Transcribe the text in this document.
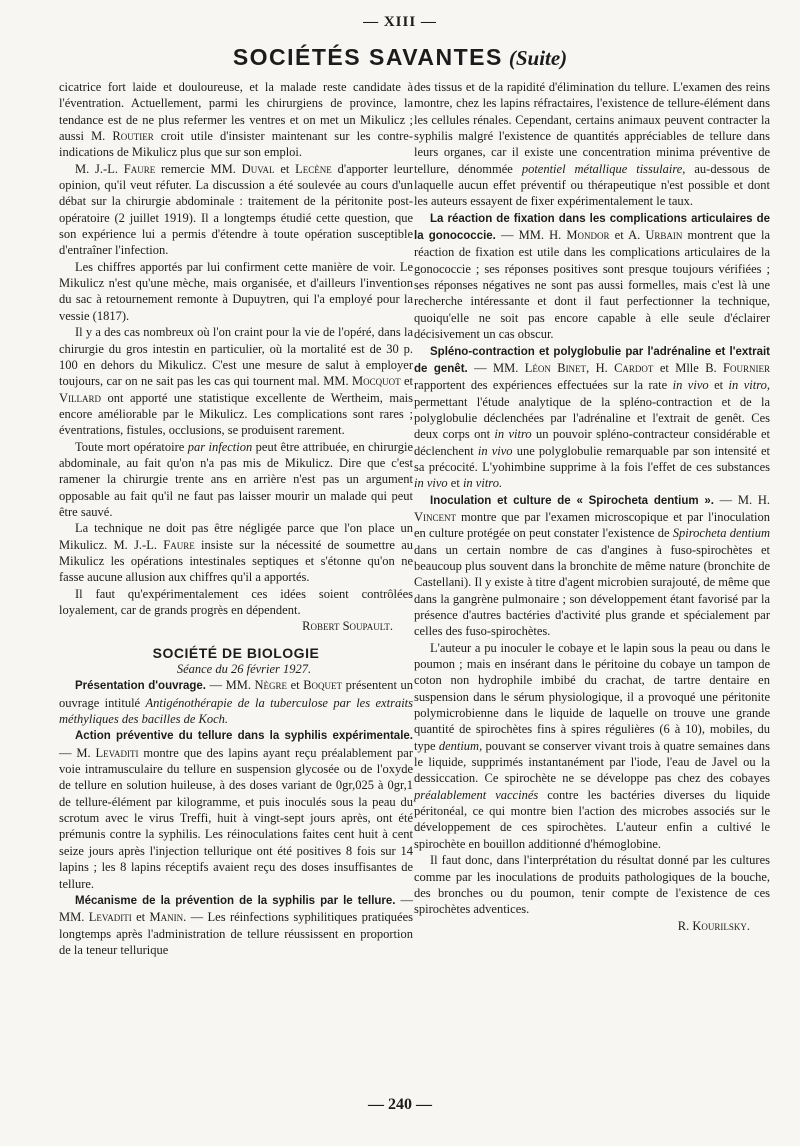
— XIII —
SOCIÉTÉS SAVANTES (Suite)

cicatrice fort laide et douloureuse, et la malade reste candidate à l'éventration. Actuellement, parmi les chirurgiens de province, la tendance est de ne plus refermer les ventres et on met un Mikulicz ; aussi M. Routier croit utile d'insister maintenant sur les contre-indications de Mikulicz plus que sur son emploi.

M. J.-L. Faure remercie MM. Duval et Lecène d'apporter leur opinion, qu'il veut réfuter. La discussion a été soulevée au cours d'un débat sur la chirurgie abdominale : traitement de la péritonite post-opératoire (2 juillet 1919). Il a longtemps étudié cette question, que son expérience lui a permis d'étendre à toute opération susceptible d'entraîner l'infection.

Les chiffres apportés par lui confirment cette manière de voir. Le Mikulicz n'est qu'une mèche, mais organisée, et d'ailleurs l'invention du sac à retournement remonte à Dupuytren, qui l'a employé pour la vessie (1817).

Il y a des cas nombreux où l'on craint pour la vie de l'opéré, dans la chirurgie du gros intestin en particulier, où la mortalité est de 30 p. 100 en dehors du Mikulicz. C'est une mesure de salut à employer toujours, car on ne sait pas les cas qui tournent mal. MM. Mocquot et Villard ont apporté une statistique excellente de Wertheim, mais encore améliorable par le Mikulicz. Les complications sont rares ; éventrations, fistules, occlusions, se produisent rarement.

Toute mort opératoire par infection peut être attribuée, en chirurgie abdominale, au fait qu'on n'a pas mis de Mikulicz. Dire que c'est ramener la chirurgie trente ans en arrière n'est pas un argument opposable au fait qu'il ne faut pas laisser mourir un malade qui peut être sauvé.

La technique ne doit pas être négligée parce que l'on place un Mikulicz. M. J.-L. Faure insiste sur la nécessité de soumettre au Mikulicz les opérations intestinales septiques et s'étonne qu'on ne fasse aucune allusion aux chiffres qu'il a apportés.

Il faut qu'expérimentalement ces idées soient contrôlées loyalement, car de grands progrès en dépendent.

Robert Soupault.

SOCIÉTÉ DE BIOLOGIE

Séance du 26 février 1927.

Présentation d'ouvrage. — MM. Nègre et Boquet présentent un ouvrage intitulé Antigénothérapie de la tuberculose par les extraits méthyliques des bacilles de Koch.

Action préventive du tellure dans la syphilis expérimentale. — M. Levaditi montre que des lapins ayant reçu préalablement par voie intramusculaire du tellure en suspension glycosée ou de l'oxyde de tellure en solution huileuse, à des doses variant de 0gr,025 à 0gr,1 de tellure-élément par kilogramme, et puis inoculés sous la peau du scrotum avec le virus Treffi, huit à vingt-sept jours après, ont été prémunis contre la syphilis. Les réinoculations faites cent huit à cent seize jours après l'injection tellurique ont été positives 8 fois sur 14 lapins ; les 8 lapins réceptifs avaient reçu des doses insuffisantes de tellure.

Mécanisme de la prévention de la syphilis par le tellure. — MM. Levaditi et Manin. — Les réinfections syphilitiques pratiquées longtemps après l'administration de tellure réussissent en proportion de la teneur tellurique

des tissus et de la rapidité d'élimination du tellure. L'examen des reins montre, chez les lapins réfractaires, l'existence de tellure-élément dans les cellules rénales. Cependant, certains animaux peuvent contracter la syphilis malgré l'existence de quantités appréciables de tellure dans leurs organes, car il existe une concentration minima préventive de tellure, dénommée potentiel métallique tissulaire, au-dessous de laquelle aucun effet préventif ou thérapeutique n'est possible et dont les auteurs essayent de fixer expérimentalement le taux.

La réaction de fixation dans les complications articulaires de la gonococcie. — MM. H. Mondor et A. Urbain montrent que la réaction de fixation est utile dans les complications articulaires de la gonococcie ; ses réponses positives sont presque toujours vérifiées ; ses réponses négatives ne sont pas aussi formelles, mais c'est là une recherche intéressante et dont il faut perfectionner la technique, quoiqu'elle ne soit pas encore capable à elle seule d'éclairer décisivement un cas obscur.

Spléno-contraction et polyglobulie par l'adrénaline et l'extrait de genêt. — MM. Léon Binet, H. Cardot et Mlle B. Fournier rapportent des expériences effectuées sur la rate in vivo et in vitro, permettant l'étude analytique de la spléno-contraction et de la polyglobulie déclenchées par l'adrénaline et l'extrait de genêt. Ces deux corps ont in vitro un pouvoir spléno-contracteur considérable et déclenchent in vivo une polyglobulie remarquable par son intensité et sa précocité. L'yohimbine supprime à la fois l'effet de ces substances in vivo et in vitro.

Inoculation et culture de « Spirocheta dentium ». — M. H. Vincent montre que par l'examen microscopique et par l'inoculation en culture protégée on peut constater l'existence de Spirocheta dentium dans un certain nombre de cas d'angines à fuso-spirochètes et beaucoup plus souvent dans la bronchite de même nature (bronchite de Castellani). Il y existe à titre d'agent microbien surajouté, de même que dans la gangrène pulmonaire ; son développement étant favorisé par la présence d'autres bactéries d'activité plus grande et spécialement par celles des fuso-spirochètes.

L'auteur a pu inoculer le cobaye et le lapin sous la peau ou dans le poumon ; mais en insérant dans le péritoine du cobaye un tampon de coton non hydrophile imbibé du crachat, de tartre dentaire en suspension dans le sérum physiologique, il a provoqué une péritonite polymicrobienne dans le liquide de laquelle on trouve une grande quantité de spirochètes fins à spires régulières (6 à 10), mobiles, du type dentium, pouvant se conserver vivant trois à quatre semaines dans le liquide, supprimés instantanément par l'iode, l'eau de Javel ou la dessiccation. Ce spirochète ne se développe pas chez des cobayes préalablement vaccinés contre les bactéries diverses du liquide péritonéal, ce qui montre bien l'action des microbes associés sur le développement de ces spirochètes. L'auteur enfin a cultivé le spirochète en bouillon additionné d'hémoglobine.

Il faut donc, dans l'interprétation du résultat donné par les cultures comme par les inoculations de produits pathologiques de la bouche, des bronches ou du poumon, tenir compte de l'existence de ces spirochètes adventices.

R. Kourilsky.

— 240 —
